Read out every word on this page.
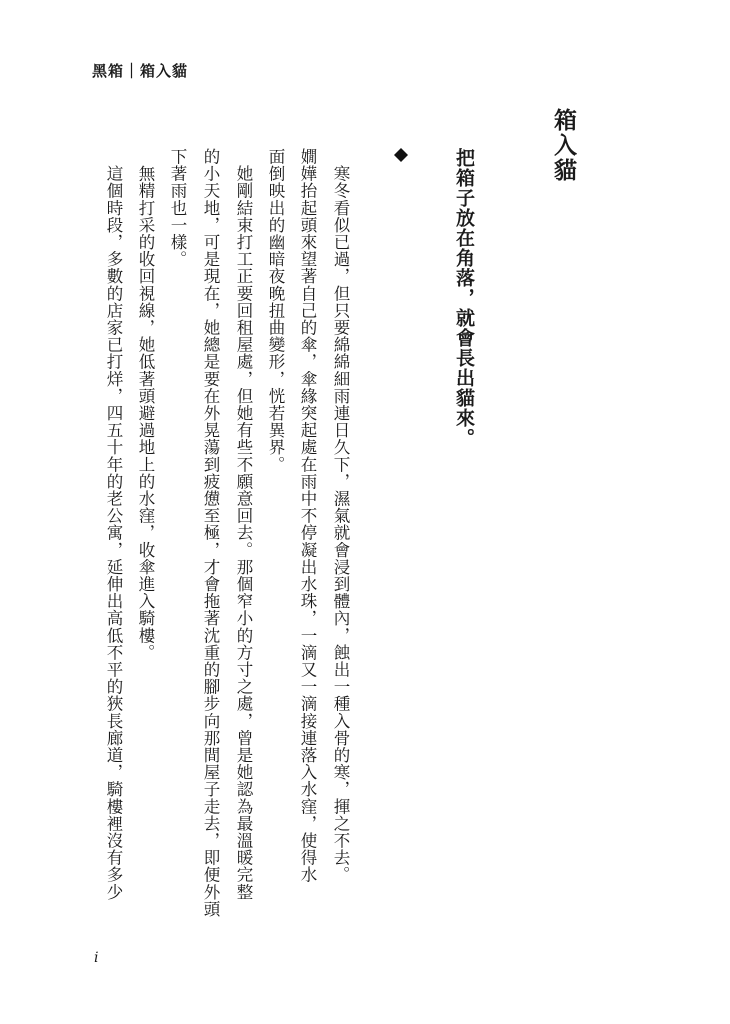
黑箱｜箱入貓
箱入貓
把箱子放在角落，就會長出貓來。
　寒冬看似已過，但只要綿綿細雨連日久下，濕氣就會浸到體內，蝕出一種入骨的寒，揮之不去。
嫺嬅抬起頭來望著自己的傘，傘緣突起處在雨中不停凝出水珠，一滴又一滴接連落入水窪，使得水
面倒映出的幽暗夜晚扭曲變形，恍若異界。
　她剛結束打工正要回租屋處，但她有些不願意回去。那個窄小的方寸之處，曾是她認為最溫暖完整
的小天地，可是現在，她總是要在外晃蕩到疲憊至極，才會拖著沈重的腳步向那間屋子走去，即便外頭
下著雨也一樣。
　無精打采的收回視線，她低著頭避過地上的水窪，收傘進入騎樓。
　這個時段，多數的店家已打烊，四五十年的老公寓，延伸出高低不平的狹長廊道，騎樓裡沒有多少
i
